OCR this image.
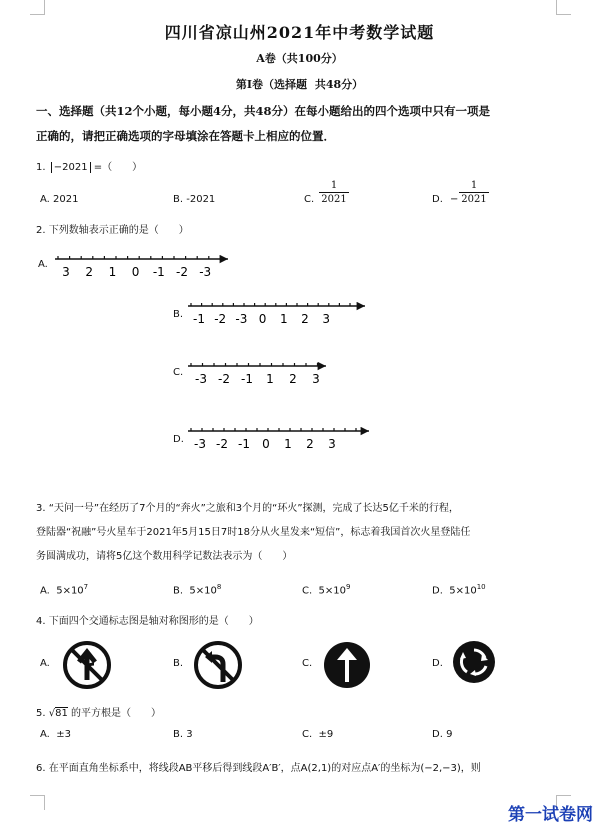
四川省凉山州2021年中考数学试题
A卷（共100分）
第Ⅰ卷（选择题 共48分）
一、选择题（共12个小题，每小题4分，共48分）在每小题给出的四个选项中只有一项是
正确的，请把正确选项的字母填涂在答题卡上相应的位置．
1. −2021 =（　　）
A. 2021	B. -2021	C. $\frac{1}{2021}$	D. − $\frac{1}{2021}$
2. 下列数轴表示正确的是（　　）
3 2 1 0 -1 -2 -3
-1 -2 -3 0 1 2 3
-3 -2 -1 1 2 3
-3 -2 -1 0 1 2 3
A.
B.
C.
D.
3. “天问一号”在经历了7个月的“奔火”之旅和3个月的“环火”探测，完成了长达5亿千米的行程，
登陆器“祝融”号火星车于2021年5月15日7时18分从火星发来“短信”，标志着我国首次火星登陆任
务圆满成功，请将5亿这个数用科学记数法表示为（　　）
A. $5\times 10^7$	B. $5\times 10^8$	C. $5\times 10^9$	D. $5\times 10^{10}$
4. 下面四个交通标志图是轴对称图形的是（　　）
A.	B.	C.	D.
5. √81 的平方根是（　　）
A. ±3	B. 3	C. ±9	D. 9
6. 在平面直角坐标系中，将线段AB平移后得到线段A′B′，点A(2,1)的对应点A′的坐标为(−2,−3)，则
第一试卷网
